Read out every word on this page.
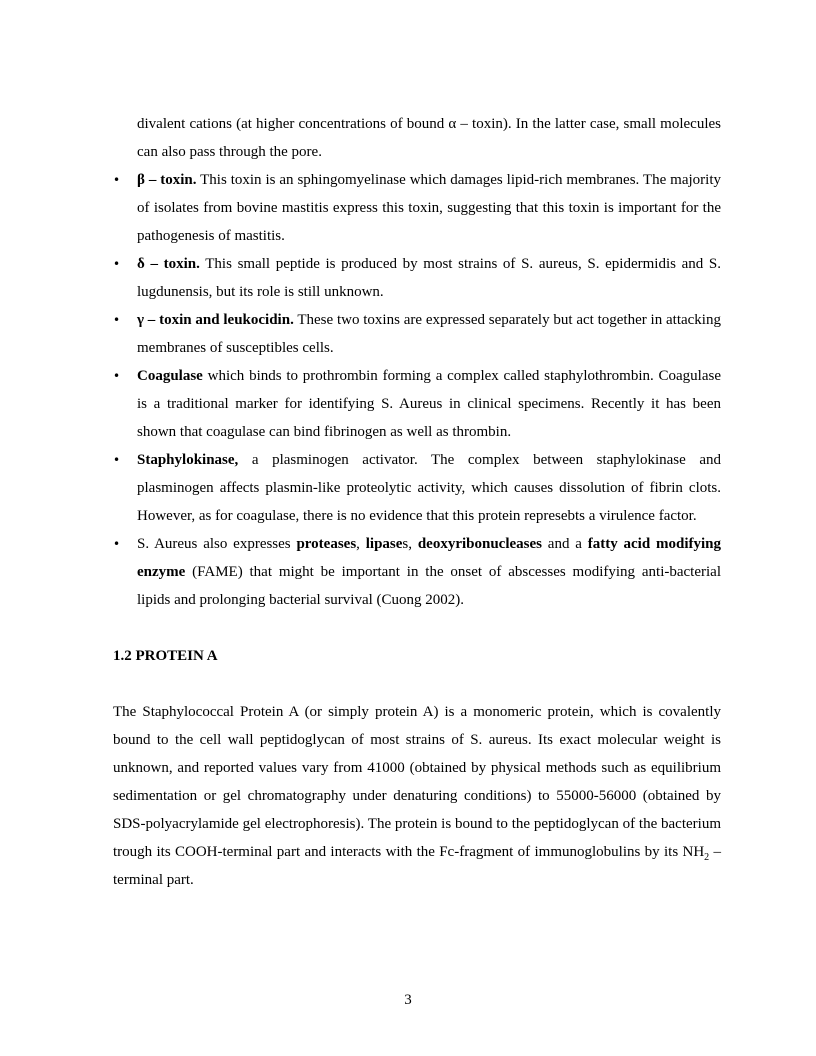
divalent cations (at higher concentrations of bound α – toxin). In the latter case, small molecules can also pass through the pore.
•	β – toxin. This toxin is an sphingomyelinase which damages lipid-rich membranes. The majority of isolates from bovine mastitis express this toxin, suggesting that this toxin is important for the pathogenesis of mastitis.
•	δ – toxin. This small peptide is produced by most strains of S. aureus, S. epidermidis and S. lugdunensis, but its role is still unknown.
•	γ – toxin and leukocidin. These two toxins are expressed separately but act together in attacking membranes of susceptibles cells.
•	Coagulase which binds to prothrombin forming a complex called staphylothrombin. Coagulase is a traditional marker for identifying S. Aureus in clinical specimens. Recently it has been shown that coagulase can bind fibrinogen as well as thrombin.
•	Staphylokinase, a plasminogen activator. The complex between staphylokinase and plasminogen affects plasmin-like proteolytic activity, which causes dissolution of fibrin clots. However, as for coagulase, there is no evidence that this protein represebts a virulence factor.
•	S. Aureus also expresses proteases, lipases, deoxyribonucleases and a fatty acid modifying enzyme (FAME) that might be important in the onset of abscesses modifying anti-bacterial lipids and prolonging bacterial survival (Cuong 2002).
1.2 PROTEIN A
The Staphylococcal Protein A (or simply protein A) is a monomeric protein, which is covalently bound to the cell wall peptidoglycan of most strains of S. aureus. Its exact molecular weight is unknown, and reported values vary from 41000 (obtained by physical methods such as equilibrium sedimentation or gel chromatography under denaturing conditions) to 55000-56000 (obtained by SDS-polyacrylamide gel electrophoresis). The protein is bound to the peptidoglycan of the bacterium trough its COOH-terminal part and interacts with the Fc-fragment of immunoglobulins by its $NH_2$ – terminal part.
3
